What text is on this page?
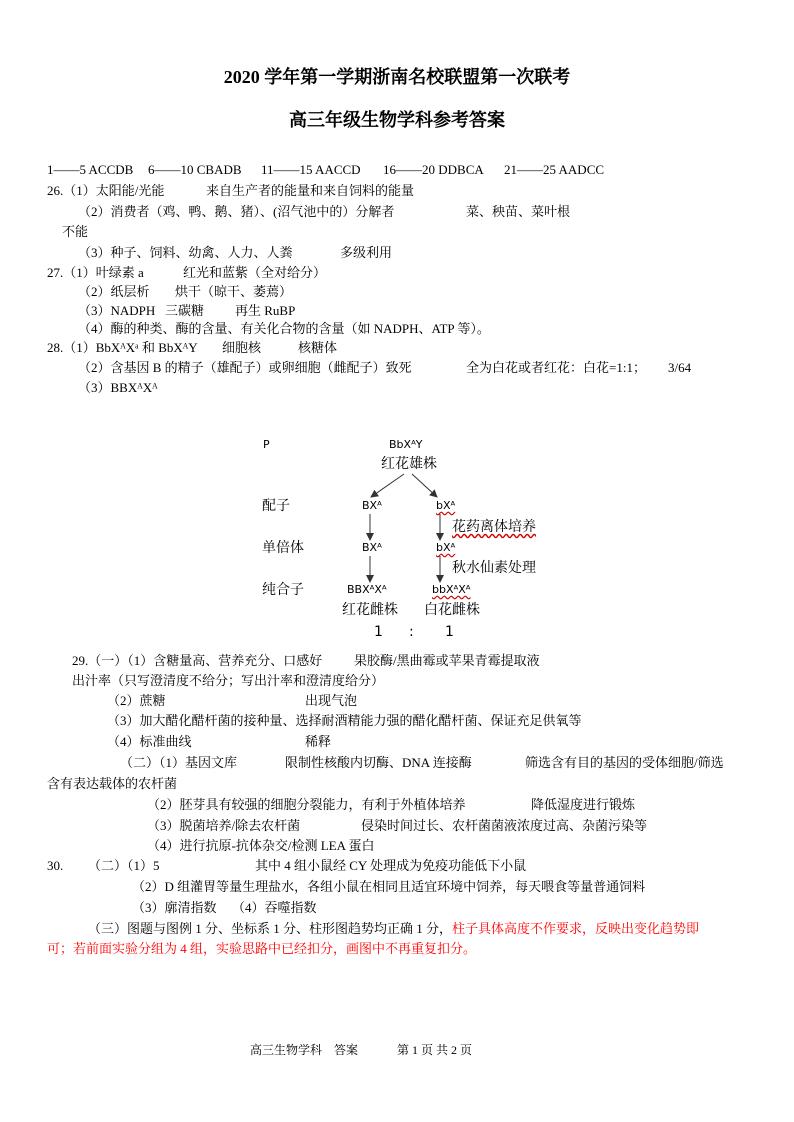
2020 学年第一学期浙南名校联盟第一次联考
高三年级生物学科参考答案
1——5 ACCDB 6——10 CBADB 11——15 AACCD 16——20 DDBCA 21——25 AADCC
26.（1）太阳能/光能	来自生产者的能量和来自饲料的能量
（2）消费者（鸡、鸭、鹅、猪）、(沼气池中的）分解者	菜、秧苗、菜叶根
不能
（3）种子、饲料、幼禽、人力、人粪	多级利用
27.（1）叶绿素 a	红光和蓝紫（全对给分）
（2）纸层析 烘干（晾干、萎蔫）
（3）NADPH 三碳糖 再生 RuBP
（4）酶的种类、酶的含量、有关化合物的含量（如 NADPH、ATP 等）。
28.（1）BbXᴬXᵃ 和 BbXᴬY 细胞核	核糖体
（2）含基因 B 的精子（雄配子）或卵细胞（雌配子）致死	全为白花或者红花：白花=1:1； 3/64
（3）BBXᴬXᴬ
P	BbXᴬY
红花雄株
配子	BXᴬ	bXᴬ
花药离体培养
单倍体	BXᴬ	bXᴬ
秋水仙素处理
纯合子	BBXᴬXᴬ	bbXᴬXᴬ
红花雌株 白花雌株
1 : 1
29.（一）（1）含糖量高、营养充分、口感好 果胶酶/黑曲霉或苹果青霉提取液
出汁率（只写澄清度不给分；写出汁率和澄清度给分）
（2）蔗糖	出现气泡
（3）加大醋化醋杆菌的接种量、选择耐酒精能力强的醋化醋杆菌、保证充足供氧等
（4）标准曲线	稀释
（二）（1）基因文库	限制性核酸内切酶、DNA 连接酶	筛选含有目的基因的受体细胞/筛选
含有表达载体的农杆菌
（2）胚芽具有较强的细胞分裂能力，有利于外植体培养	降低湿度进行锻炼
（3）脱菌培养/除去农杆菌	侵染时间过长、农杆菌菌液浓度过高、杂菌污染等
（4）进行抗原-抗体杂交/检测 LEA 蛋白
30. （二）（1）5	其中 4 组小鼠经 CY 处理成为免疫功能低下小鼠
（2）D 组灌胃等量生理盐水，各组小鼠在相同且适宜环境中饲养，每天喂食等量普通饲料
（3）廓清指数 （4）吞噬指数
（三）图题与图例 1 分、坐标系 1 分、柱形图趋势均正确 1 分，柱子具体高度不作要求，反映出变化趋势即
可；若前面实验分组为 4 组，实验思路中已经扣分，画图中不再重复扣分。
高三生物学科　答案	第 1 页 共 2 页
